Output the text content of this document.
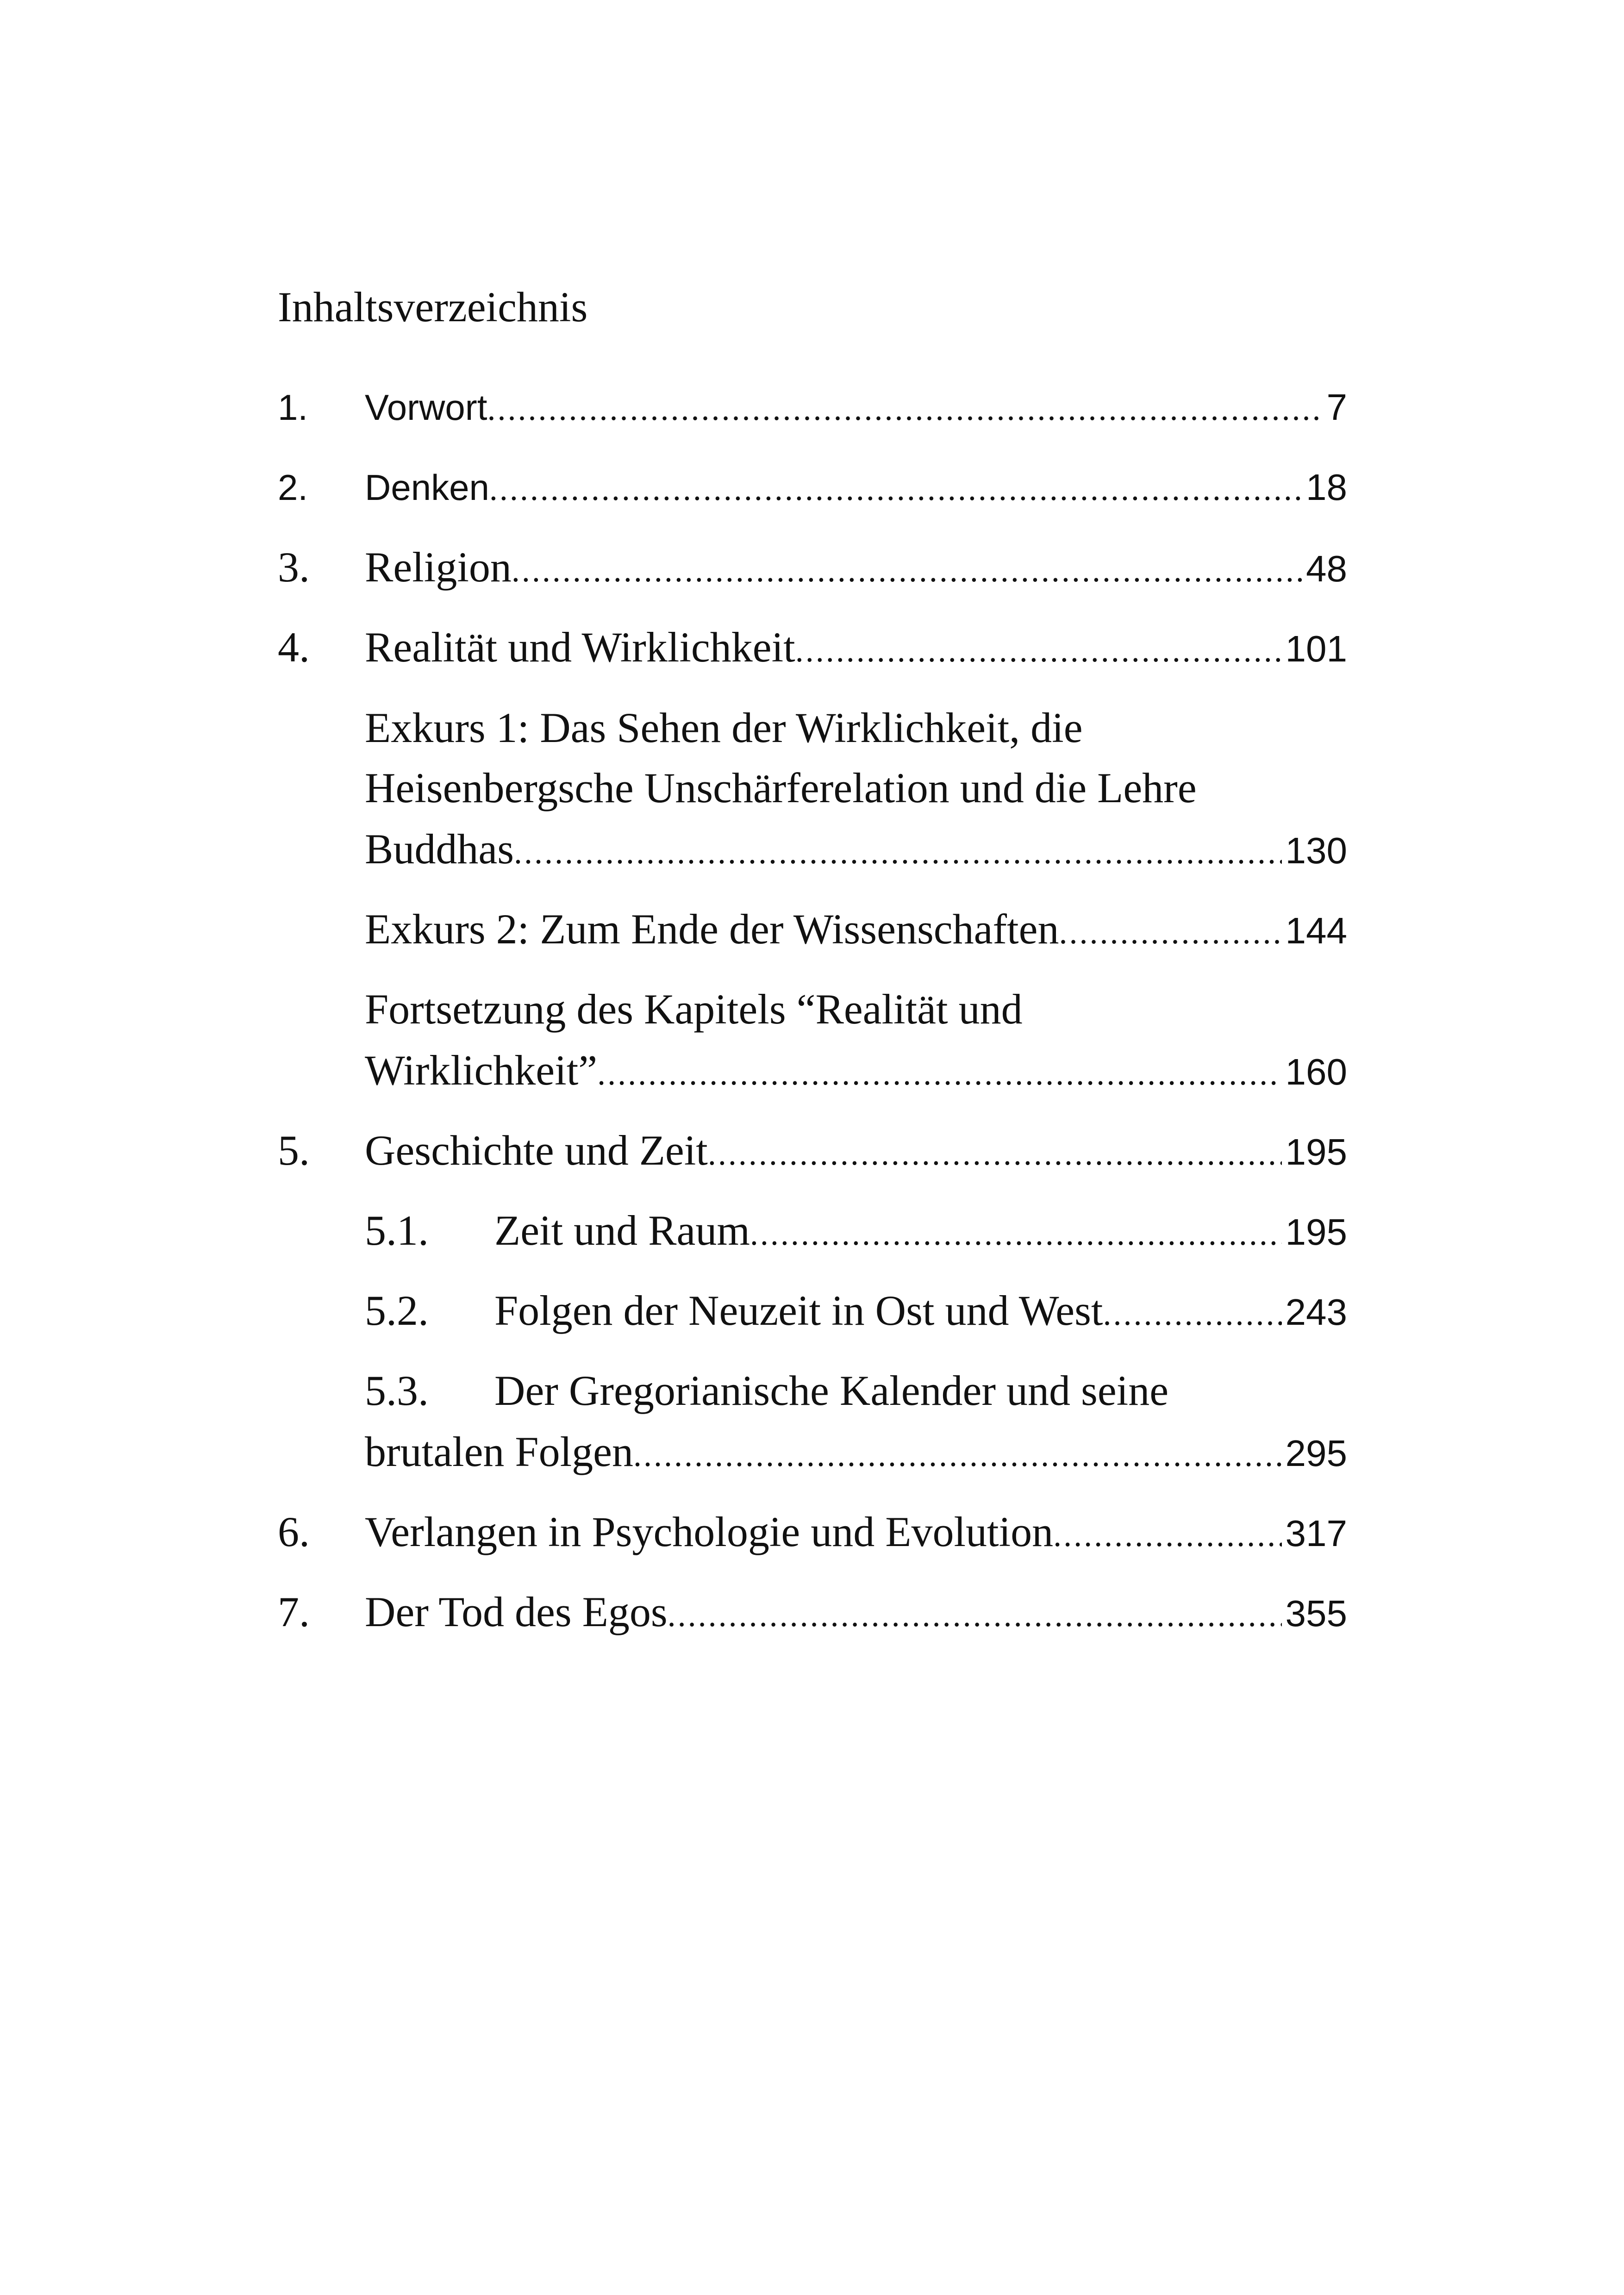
Inhaltsverzeichnis
1. Vorwort .....	7
2. Denken .....	18
3. Religion .....	48
4. Realität und Wirklichkeit .....	101
Exkurs 1: Das Sehen der Wirklichkeit, die
Heisenbergsche Unschärferelation und die Lehre
Buddhas .....	130
Exkurs 2: Zum Ende der Wissenschaften .....	144
Fortsetzung des Kapitels “Realität und
Wirklichkeit” .....	160
5. Geschichte und Zeit .....	195
5.1. Zeit und Raum .....	195
5.2. Folgen der Neuzeit in Ost und West .....	243
5.3. Der Gregorianische Kalender und seine
brutalen Folgen .....	295
6. Verlangen in Psychologie und Evolution .....	317
7. Der Tod des Egos .....	355
